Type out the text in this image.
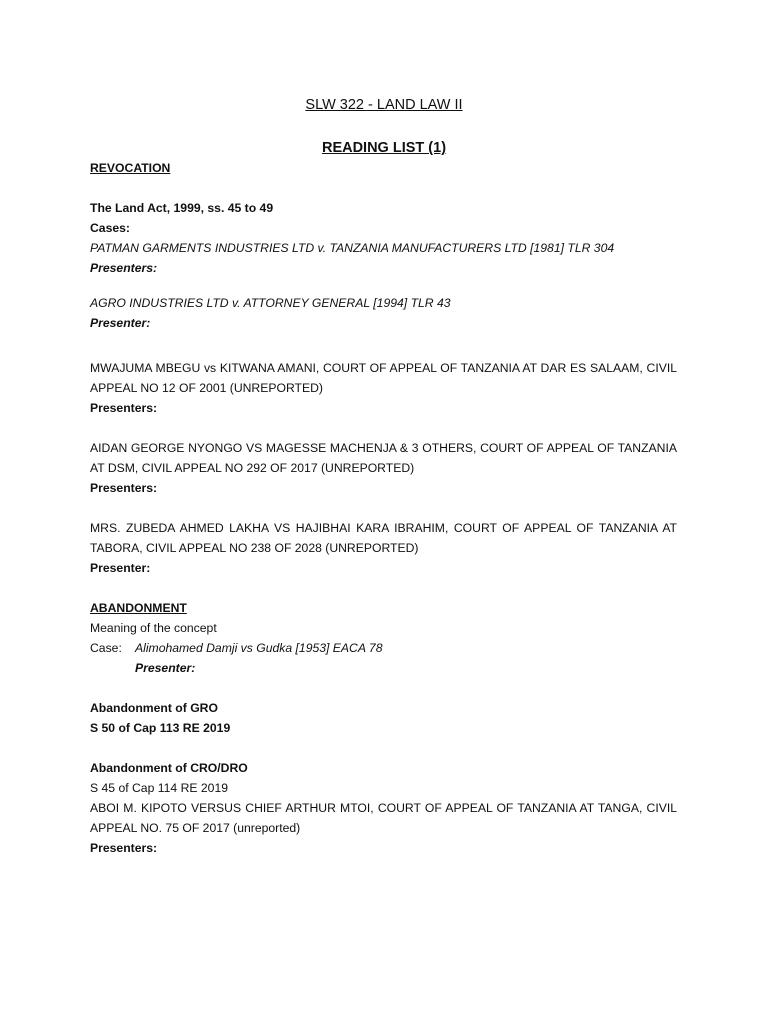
SLW 322 - LAND LAW II
READING LIST (1)
REVOCATION
The Land Act, 1999, ss. 45 to 49
Cases:
PATMAN GARMENTS INDUSTRIES LTD v. TANZANIA MANUFACTURERS LTD [1981] TLR 304
Presenters:
AGRO INDUSTRIES LTD v. ATTORNEY GENERAL [1994] TLR 43
Presenter:
MWAJUMA MBEGU vs KITWANA AMANI, COURT OF APPEAL OF TANZANIA AT DAR ES SALAAM, CIVIL APPEAL NO 12 OF 2001 (UNREPORTED)
Presenters:
AIDAN GEORGE NYONGO VS MAGESSE MACHENJA & 3 OTHERS, COURT OF APPEAL OF TANZANIA AT DSM, CIVIL APPEAL NO 292 OF 2017 (UNREPORTED)
Presenters:
MRS. ZUBEDA AHMED LAKHA VS HAJIBHAI KARA IBRAHIM, COURT OF APPEAL OF TANZANIA AT TABORA, CIVIL APPEAL NO 238 OF 2028 (UNREPORTED)
Presenter:
ABANDONMENT
Meaning of the concept
Case: Alimohamed Damji vs Gudka [1953] EACA 78
Presenter:
Abandonment of GRO
S 50 of Cap 113 RE 2019
Abandonment of CRO/DRO
S 45 of Cap 114 RE 2019
ABOI M. KIPOTO VERSUS CHIEF ARTHUR MTOI, COURT OF APPEAL OF TANZANIA AT TANGA, CIVIL APPEAL NO. 75 OF 2017 (unreported)
Presenters:
